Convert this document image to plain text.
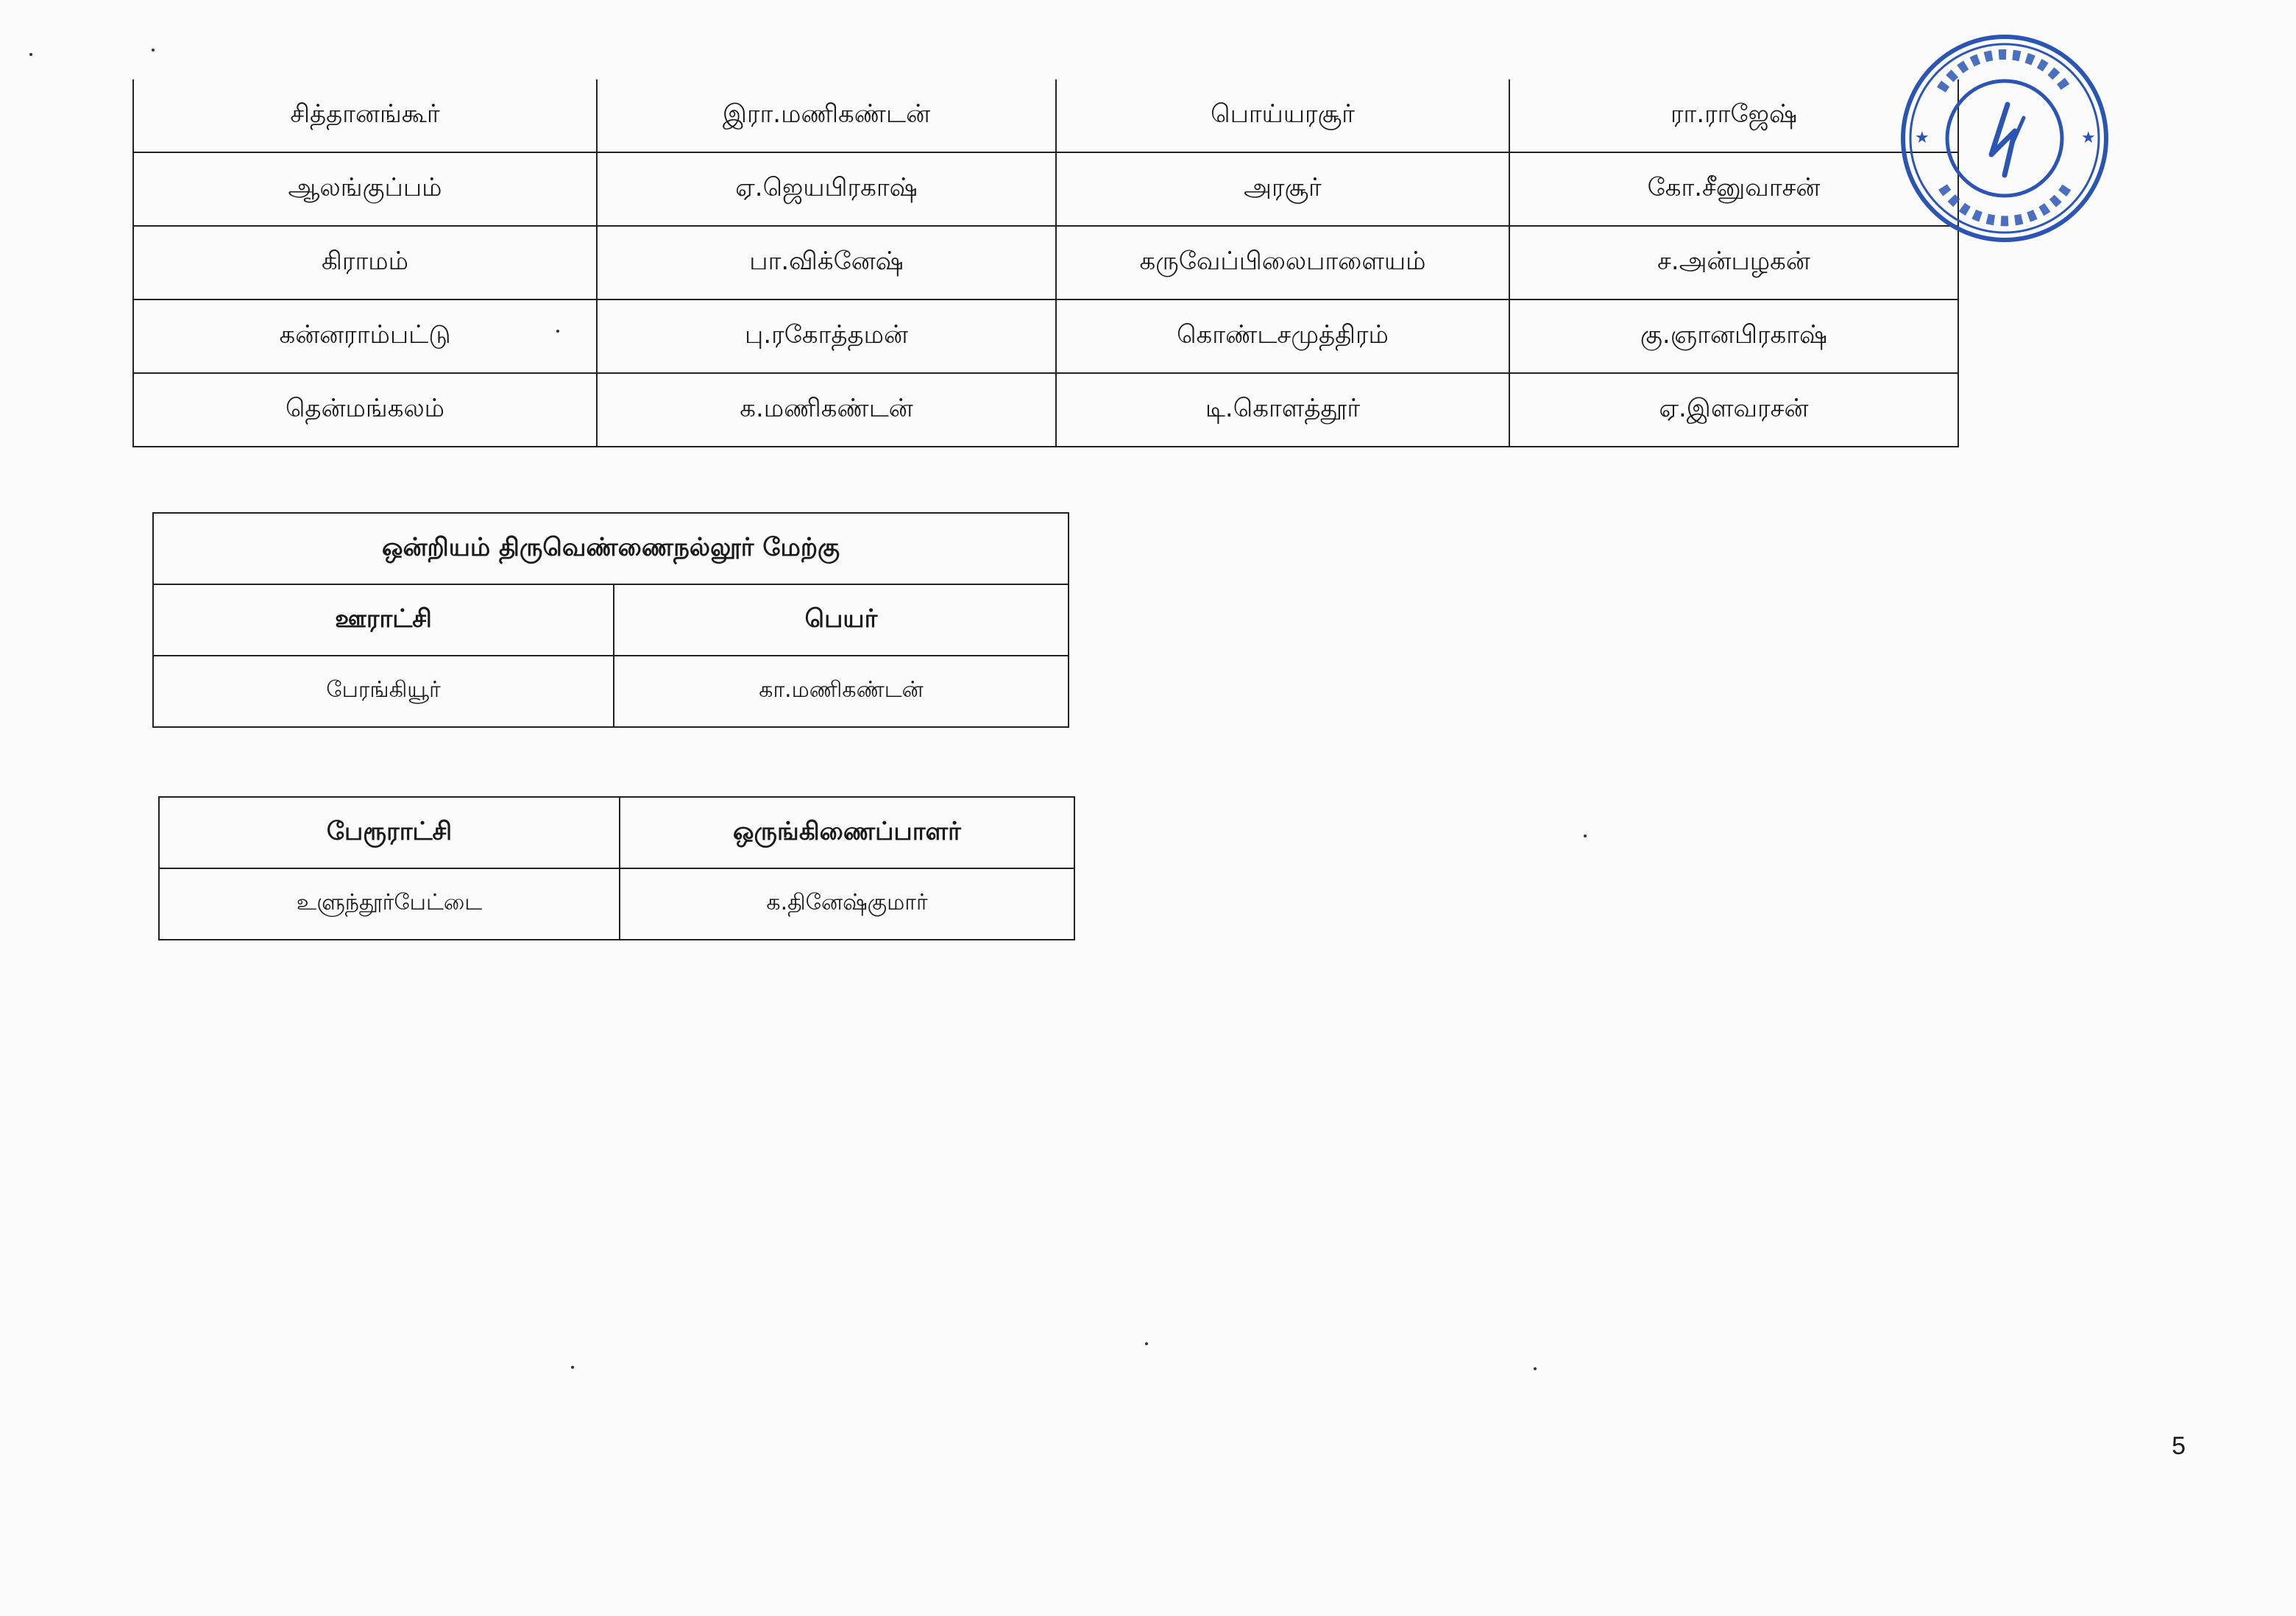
சித்தானங்கூர்	இரா.மணிகண்டன்	பொய்யரசூர்	ரா.ராஜேஷ்
ஆலங்குப்பம்	ஏ.ஜெயபிரகாஷ்	அரசூர்	கோ.சீனுவாசன்
கிராமம்	பா.விக்னேஷ்	கருவேப்பிலைபாளையம்	ச.அன்பழகன்
கன்னராம்பட்டு	பு.ரகோத்தமன்	கொண்டசமுத்திரம்	கு.ஞானபிரகாஷ்
தென்மங்கலம்	க.மணிகண்டன்	டி.கொளத்தூர்	ஏ.இளவரசன்
ஒன்றியம் திருவெண்ணைநல்லூர் மேற்கு	
ஊராட்சி	பெயர்
பேரங்கியூர்	கா.மணிகண்டன்
பேரூராட்சி	ஒருங்கிணைப்பாளர்
உளுந்தூர்பேட்டை	க.தினேஷ்குமார்
★	★
5
